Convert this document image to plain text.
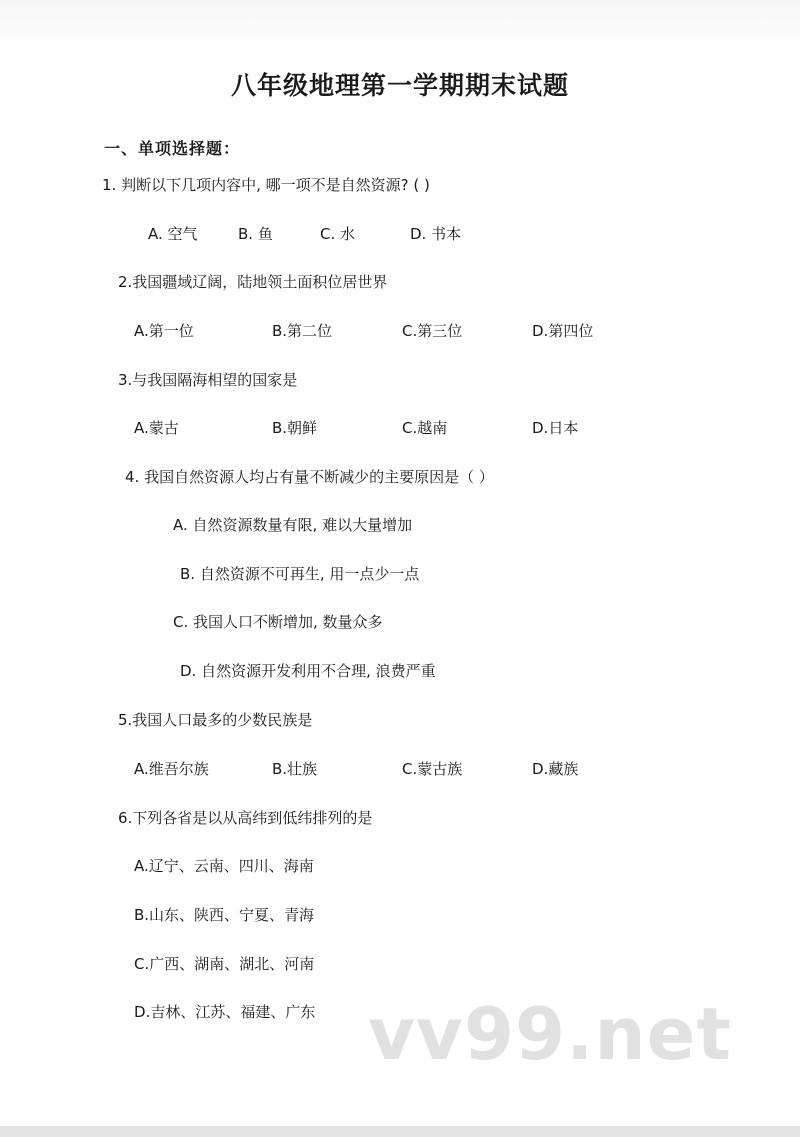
八年级地理第一学期期末试题
一、单项选择题：
1. 判断以下几项内容中, 哪一项不是自然资源? ( )
A. 空气	B. 鱼	C. 水	D. 书本
2.我国疆域辽阔，陆地领土面积位居世界
A.第一位	B.第二位	C.第三位	D.第四位
3.与我国隔海相望的国家是
A.蒙古	B.朝鲜	C.越南	D.日本
4. 我国自然资源人均占有量不断减少的主要原因是（ ）
A. 自然资源数量有限, 难以大量增加
B. 自然资源不可再生, 用一点少一点
C. 我国人口不断增加, 数量众多
D. 自然资源开发利用不合理, 浪费严重
5.我国人口最多的少数民族是
A.维吾尔族	B.壮族	C.蒙古族	D.藏族
6.下列各省是以从高纬到低纬排列的是
A.辽宁、云南、四川、海南
B.山东、陕西、宁夏、青海
C.广西、湖南、湖北、河南
D.吉林、江苏、福建、广东 vv99.net
